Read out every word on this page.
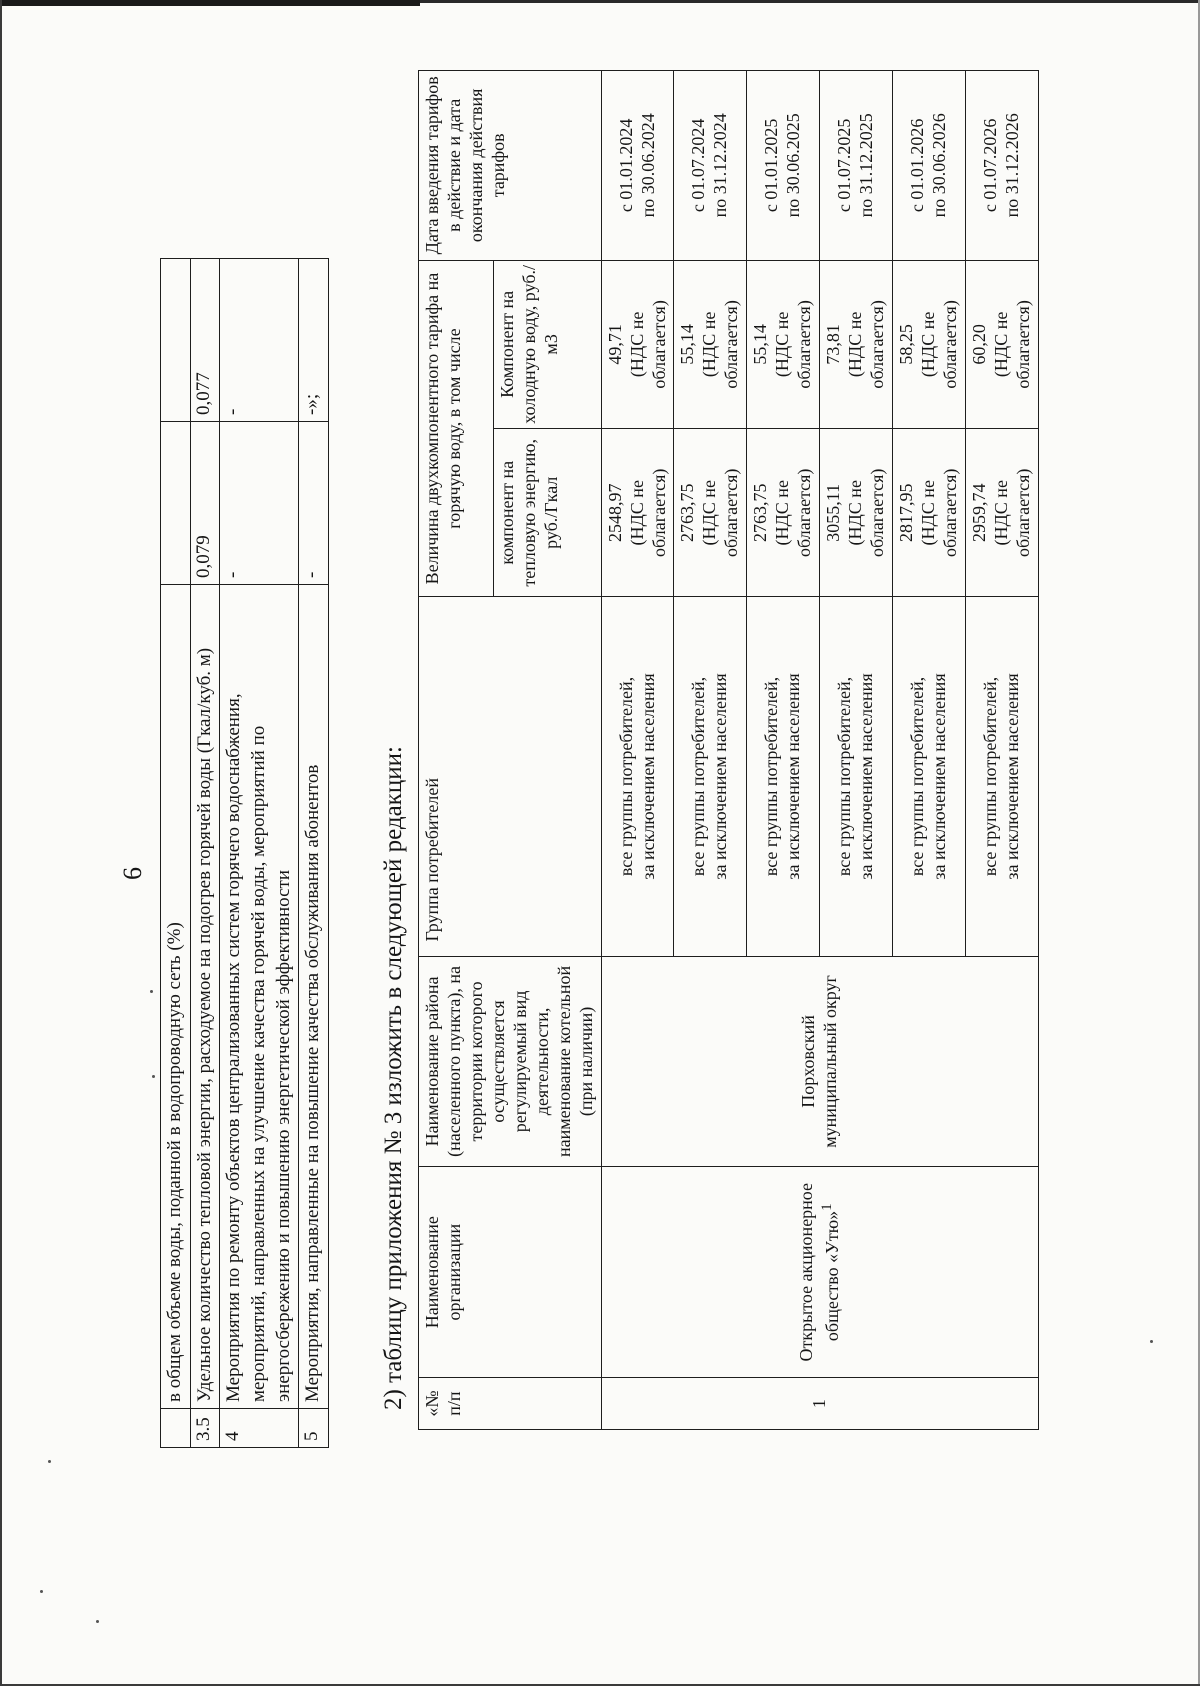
6
	в общем объеме воды, поданной в водопроводную сеть (%)		
3.5	Удельное количество тепловой энергии, расходуемое на подогрев горячей воды (Гкал/куб. м)	0,079	0,077
4	Мероприятия по ремонту объектов централизованных систем горячего водоснабжения, мероприятий, направленных на улучшение качества горячей воды, мероприятий по энергосбережению и повышению энергетической эффективности	-	-
5	Мероприятия, направленные на повышение качества обслуживания абонентов	-	-»;
2) таблицу приложения № 3 изложить в следующей редакции: «№ п/п	Наименование организации	Наименование района (населенного пункта), на территории которого осуществляется регулируемый вид деятельности, наименование котельной (при наличии)	Группа потребителей	Величина двухкомпонентного тарифа на горячую воду, в том числе		Дата введения тарифов в действие и дата окончания действия тарифов
				компонент на тепловую энергию, руб./Гкал	Компонент на холодную воду, руб./м3	
1	Открытое акционерное общество «Утю»$^1$	Порховский муниципальный округ	все группы потребителей, за исключением населения	2548,97 (НДС не облагается)	49,71 (НДС не облагается)	с 01.01.2024 по 30.06.2024
			все группы потребителей, за исключением населения	2763,75 (НДС не облагается)	55,14 (НДС не облагается)	с 01.07.2024 по 31.12.2024
			все группы потребителей, за исключением населения	2763,75 (НДС не облагается)	55,14 (НДС не облагается)	с 01.01.2025 по 30.06.2025
			все группы потребителей, за исключением населения	3055,11 (НДС не облагается)	73,81 (НДС не облагается)	с 01.07.2025 по 31.12.2025
			все группы потребителей, за исключением населения	2817,95 (НДС не облагается)	58,25 (НДС не облагается)	с 01.01.2026 по 30.06.2026
			все группы потребителей, за исключением населения	2959,74 (НДС не облагается)	60,20 (НДС не облагается)	с 01.07.2026 по 31.12.2026
